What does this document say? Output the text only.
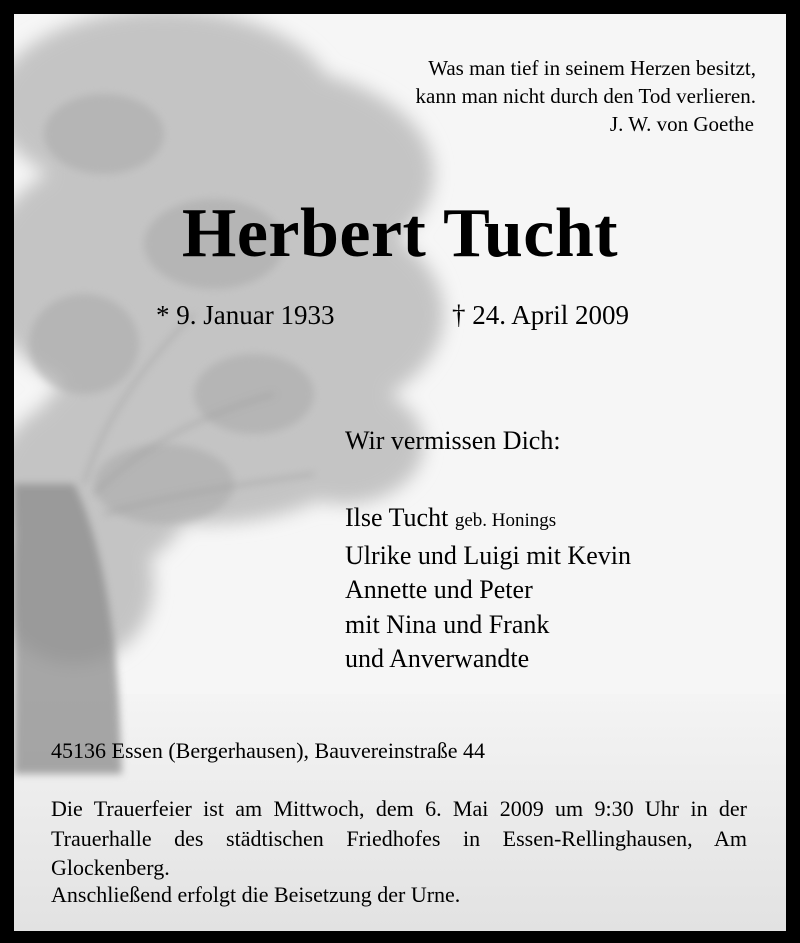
Was man tief in seinem Herzen besitzt,
kann man nicht durch den Tod verlieren.
J. W. von Goethe
Herbert Tucht
* 9. Januar 1933	† 24. April 2009
Wir vermissen Dich:
Ilse Tucht geb. Honings
Ulrike und Luigi mit Kevin
Annette und Peter
mit Nina und Frank
und Anverwandte
45136 Essen (Bergerhausen), Bauvereinstraße 44
Die Trauerfeier ist am Mittwoch, dem 6. Mai 2009 um 9:30 Uhr in der Trauerhalle des städtischen Friedhofes in Essen-Rellinghausen, Am Glockenberg.
Anschließend erfolgt die Beisetzung der Urne.
